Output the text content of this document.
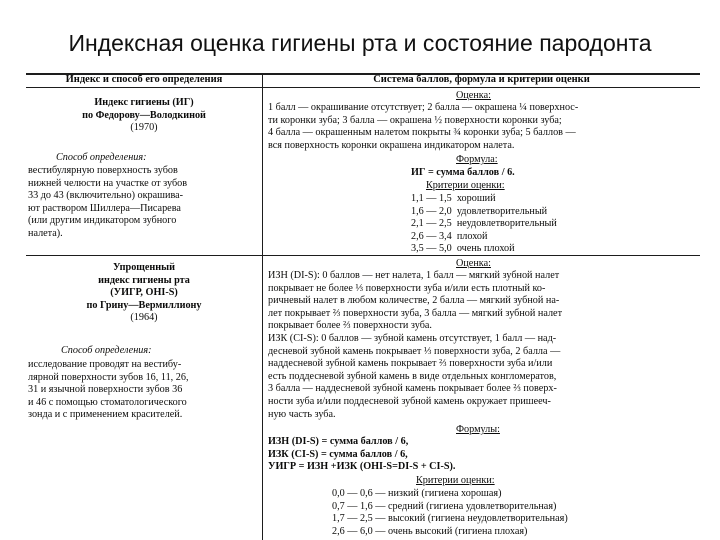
Индексная оценка гигиены рта и состояние пародонта
Индекс и способ его определения	Система баллов, формула и критерии оценки
Индекс гигиены (ИГ)
по Федорову—Володкиной
(1970)
Способ определения:
вестибулярную поверхность зубов
нижней челюсти на участке от зубов
33 до 43 (включительно) окрашива-
ют раствором Шиллера—Писарева
(или другим индикатором зубного
налета).
Оценка:
1 балл — окрашивание отсутствует; 2 балла — окрашена ¼ поверхнос-
ти коронки зуба; 3 балла — окрашена ½ поверхности коронки зуба;
4 балла — окрашенным налетом покрыты ¾ коронки зуба; 5 баллов —
вся поверхность коронки окрашена индикатором налета.
Формула:
ИГ = сумма баллов / 6.
Критерии оценки:
1,1 — 1,5  хороший
1,6 — 2,0  удовлетворительный
2,1 — 2,5  неудовлетворительный
2,6 — 3,4  плохой
3,5 — 5,0  очень плохой
Упрощенный
индекс гигиены рта
(УИГР, OHI-S)
по Грину—Вермиллиону
(1964)
Способ определения:
исследование проводят на вестибу-
лярной поверхности зубов 16, 11, 26,
31 и язычной поверхности зубов 36
и 46 с помощью стоматологического
зонда и с применением красителей.
Оценка:
ИЗН (DI-S): 0 баллов — нет налета, 1 балл — мягкий зубной налет
покрывает не более ⅓ поверхности зуба и/или есть плотный ко-
ричневый налет в любом количестве, 2 балла — мягкий зубной на-
лет покрывает ⅔ поверхности зуба, 3 балла — мягкий зубной налет
покрывает более ⅔ поверхности зуба.
ИЗК (CI-S): 0 баллов — зубной камень отсутствует, 1 балл — над-
десневой зубной камень покрывает ⅓ поверхности зуба, 2 балла —
наддесневой зубной камень покрывает ⅔ поверхности зуба и/или
есть поддесневой зубной камень в виде отдельных конгломератов,
3 балла — наддесневой зубной камень покрывает более ⅔ поверх-
ности зуба и/или поддесневой зубной камень окружает пришееч-
ную часть зуба.
Формулы:
ИЗН (DI-S) = сумма баллов / 6,
ИЗК (CI-S) = сумма баллов / 6,
УИГР = ИЗН +ИЗК (OHI-S=DI-S + CI-S).
Критерии оценки:
0,0 — 0,6 — низкий (гигиена хорошая)
0,7 — 1,6 — средний (гигиена удовлетворительная)
1,7 — 2,5 — высокий (гигиена неудовлетворительная)
2,6 — 6,0 — очень высокий (гигиена плохая)
